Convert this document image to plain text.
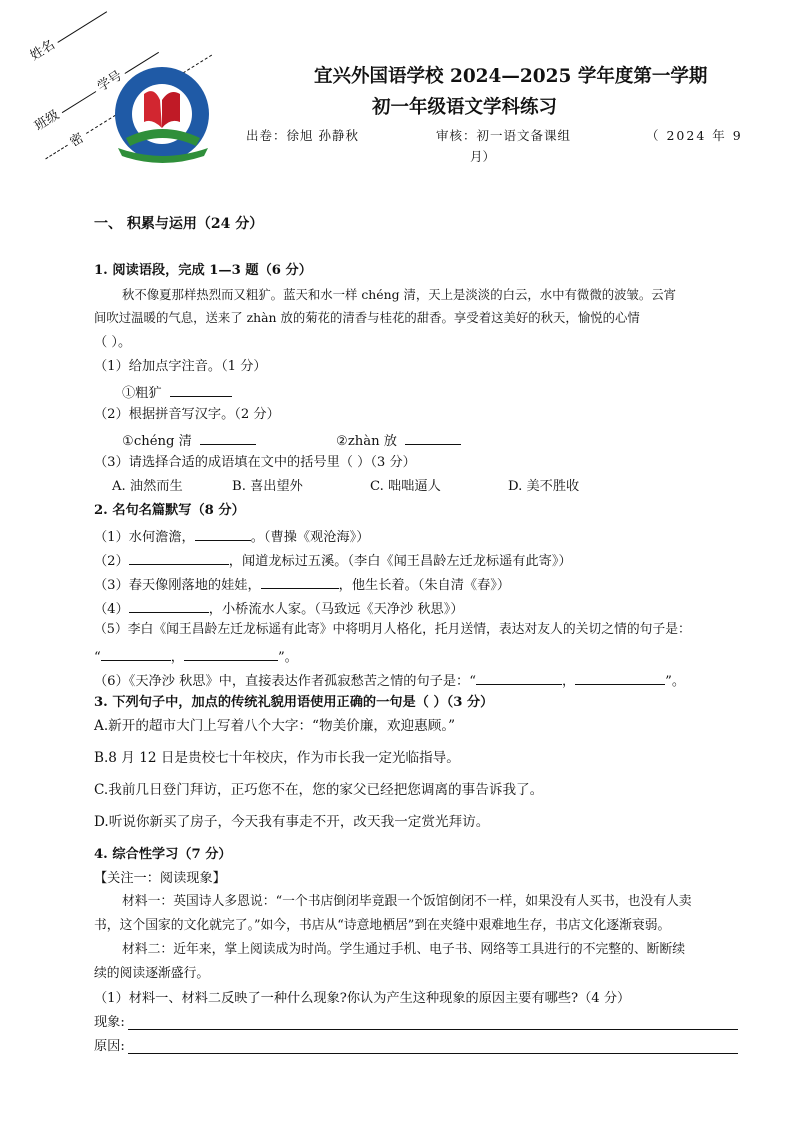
姓名
班级
学号
密
宜兴外国语学校 2024—2025 学年度第一学期
初一年级语文学科练习
出卷：徐旭 孙静秋	审核：初一语文备课组	（ 2024 年 9
月）
一、 积累与运用（24 分）
1. 阅读语段，完成 1—3 题（6 分）
秋不像夏那样热烈而又粗犷。蓝天和水一样 chéng 清，天上是淡淡的白云，水中有微微的波皱。云宵
间吹过温暖的气息，送来了 zhàn 放的菊花的清香与桂花的甜香。享受着这美好的秋天，愉悦的心情
（ ）。
（1）给加点字注音。（1 分）
①粗犷
（2）根据拼音写汉字。（2 分）
①chéng 清	②zhàn 放
（3）请选择合适的成语填在文中的括号里（ ）（3 分）
A. 油然而生	B. 喜出望外	C. 咄咄逼人	D. 美不胜收
2. 名句名篇默写（8 分）
（1）水何澹澹，	。（曹操《观沧海》）
（2）	，闻道龙标过五溪。（李白《闻王昌龄左迁龙标遥有此寄》）
（3）春天像刚落地的娃娃，	，他生长着。（朱自清《春》）
（4）	，小桥流水人家。（马致远《天净沙 秋思》）
（5）李白《闻王昌龄左迁龙标遥有此寄》中将明月人格化，托月送情，表达对友人的关切之情的句子是：
“	，	”。
（6）《天净沙 秋思》中，直接表达作者孤寂愁苦之情的句子是：“	，	”。
3. 下列句子中，加点的传统礼貌用语使用正确的一句是（ ）（3 分）
A.新开的超市大门上写着八个大字：“物美价廉，欢迎惠顾。”
B.8 月 12 日是贵校七十年校庆，作为市长我一定光临指导。
C.我前几日登门拜访，正巧您不在，您的家父已经把您调离的事告诉我了。
D.听说你新买了房子，今天我有事走不开，改天我一定赏光拜访。
4. 综合性学习（7 分）
【关注一：阅读现象】
材料一：英国诗人多恩说：“一个书店倒闭毕竟跟一个饭馆倒闭不一样，如果没有人买书，也没有人卖
书，这个国家的文化就完了。”如今，书店从“诗意地栖居”到在夹缝中艰难地生存，书店文化逐渐衰弱。
材料二：近年来，掌上阅读成为时尚。学生通过手机、电子书、网络等工具进行的不完整的、断断续
续的阅读逐渐盛行。
（1）材料一、材料二反映了一种什么现象?你认为产生这种现象的原因主要有哪些?（4 分）
现象:
原因:
